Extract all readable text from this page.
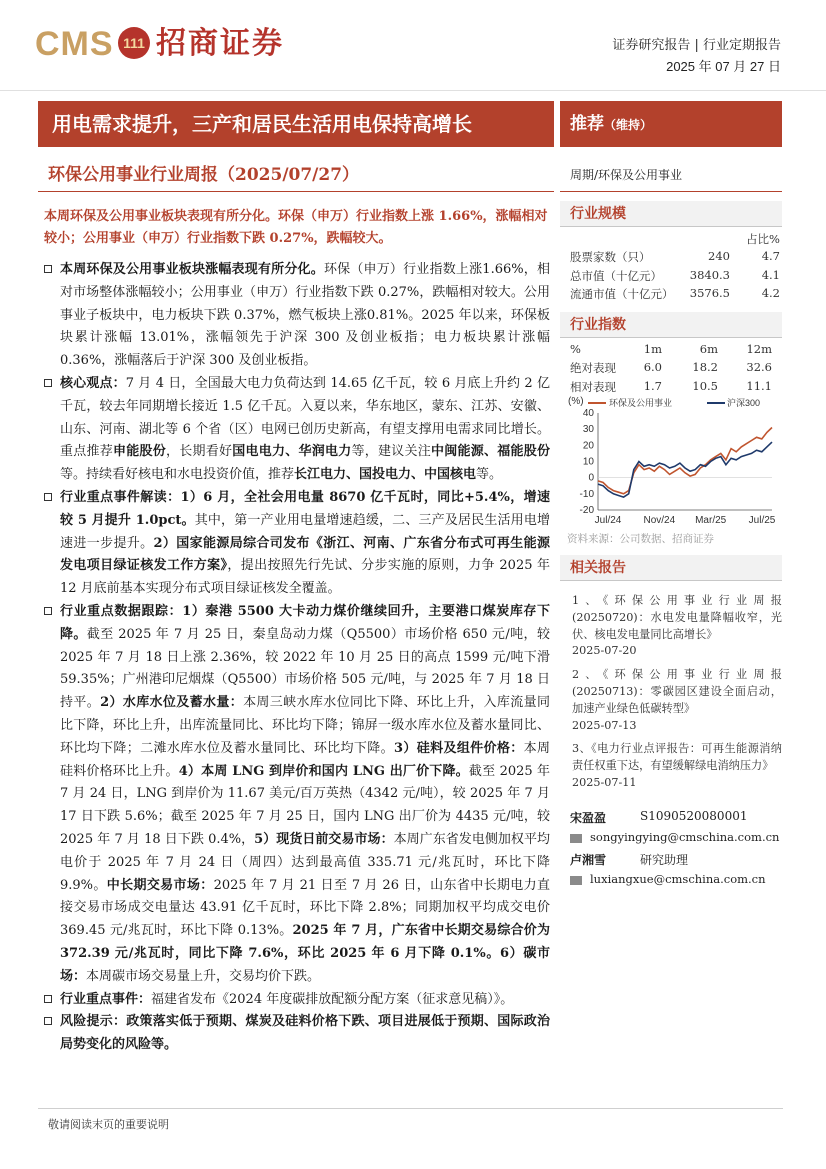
CMS 111 招商证券	证券研究报告 | 行业定期报告
2025 年 07 月 27 日
用电需求提升，三产和居民生活用电保持高增长	推荐（维持）
环保公用事业行业周报（2025/07/27）	周期/环保及公用事业
本周环保及公用事业板块表现有所分化。环保（申万）行业指数上涨 1.66%，涨幅相对较小；公用事业（申万）行业指数下跌 0.27%，跌幅较大。

本周环保及公用事业板块涨幅表现有所分化。环保（申万）行业指数上涨1.66%，相对市场整体涨幅较小；公用事业（申万）行业指数下跌 0.27%，跌幅相对较大。公用事业子板块中，电力板块下跌 0.37%，燃气板块上涨0.81%。2025 年以来，环保板块累计涨幅 13.01%，涨幅领先于沪深 300 及创业板指；电力板块累计涨幅 0.36%，涨幅落后于沪深 300 及创业板指。

核心观点：7 月 4 日，全国最大电力负荷达到 14.65 亿千瓦，较 6 月底上升约 2 亿千瓦，较去年同期增长接近 1.5 亿千瓦。入夏以来，华东地区，蒙东、江苏、安徽、山东、河南、湖北等 6 个省（区）电网已创历史新高，有望支撑用电需求同比增长。重点推荐申能股份，长期看好国电电力、华润电力等，建议关注中闽能源、福能股份等。持续看好核电和水电投资价值，推荐长江电力、国投电力、中国核电等。

行业重点事件解读：1）6 月，全社会用电量 8670 亿千瓦时，同比+5.4%，增速较 5 月提升 1.0pct。其中，第一产业用电量增速趋缓，二、三产及居民生活用电增速进一步提升。2）国家能源局综合司发布《浙江、河南、广东省分布式可再生能源发电项目绿证核发工作方案》，提出按照先行先试、分步实施的原则，力争 2025 年 12 月底前基本实现分布式项目绿证核发全覆盖。

行业重点数据跟踪：1）秦港 5500 大卡动力煤价继续回升，主要港口煤炭库存下降。截至 2025 年 7 月 25 日，秦皇岛动力煤（Q5500）市场价格 650 元/吨，较 2025 年 7 月 18 日上涨 2.36%，较 2022 年 10 月 25 日的高点 1599 元/吨下滑 59.35%；广州港印尼烟煤（Q5500）市场价格 505 元/吨，与 2025 年 7 月 18 日持平。2）水库水位及蓄水量：本周三峡水库水位同比下降、环比上升，入库流量同比下降，环比上升，出库流量同比、环比均下降；锦屏一级水库水位及蓄水量同比、环比均下降；二滩水库水位及蓄水量同比、环比均下降。3）硅料及组件价格：本周硅料价格环比上升。4）本周 LNG 到岸价和国内 LNG 出厂价下降。截至 2025 年 7 月 24 日，LNG 到岸价为 11.67 美元/百万英热（4342 元/吨），较 2025 年 7 月 17 日下跌 5.6%；截至 2025 年 7 月 25 日，国内 LNG 出厂价为 4435 元/吨，较 2025 年 7 月 18 日下跌 0.4%，5）现货日前交易市场：本周广东省发电侧加权平均电价于 2025 年 7 月 24 日（周四）达到最高值 335.71 元/兆瓦时，环比下降 9.9%。中长期交易市场：2025 年 7 月 21 日至 7 月 26 日，山东省中长期电力直接交易市场成交电量达 43.91 亿千瓦时，环比下降 2.8%；同期加权平均成交电价 369.45 元/兆瓦时，环比下降 0.13%。2025 年 7 月，广东省中长期交易综合价为 372.39 元/兆瓦时，同比下降 7.6%，环比 2025 年 6 月下降 0.1%。6）碳市场：本周碳市场交易量上升，交易均价下跌。

行业重点事件：福建省发布《2024 年度碳排放配额分配方案（征求意见稿）》。

风险提示：政策落实低于预期、煤炭及硅料价格下跌、项目进展低于预期、国际政治局势变化的风险等。

行业规模
占比%
股票家数（只）	240	4.7
总市值（十亿元） 3840.3	4.1
流通市值（十亿元） 3576.5	4.2
行业指数
%	1m	6m 12m
绝对表现 6.0	18.2 32.6
相对表现 1.7	10.5 11.1
(%)	环保及公用事业	沪深300
40
30
20
10
0
-10
-20
Jul/24 Nov/24 Mar/25 Jul/25
资料来源：公司数据、招商证券
相关报告

1、《环保公用事业行业周报(20250720)：水电发电量降幅收窄，光伏、核电发电量同比高增长》
2025-07-20

2、《环保公用事业行业周报(20250713)：零碳园区建设全面启动，加速产业绿色低碳转型》
2025-07-13

3、《电力行业点评报告：可再生能源消纳责任权重下达，有望缓解绿电消纳压力》
2025-07-11

宋盈盈	S1090520080001
songyingying@cmschina.com.cn
卢湘雪	研究助理
luxiangxue@cmschina.com.cn
敬请阅读末页的重要说明
